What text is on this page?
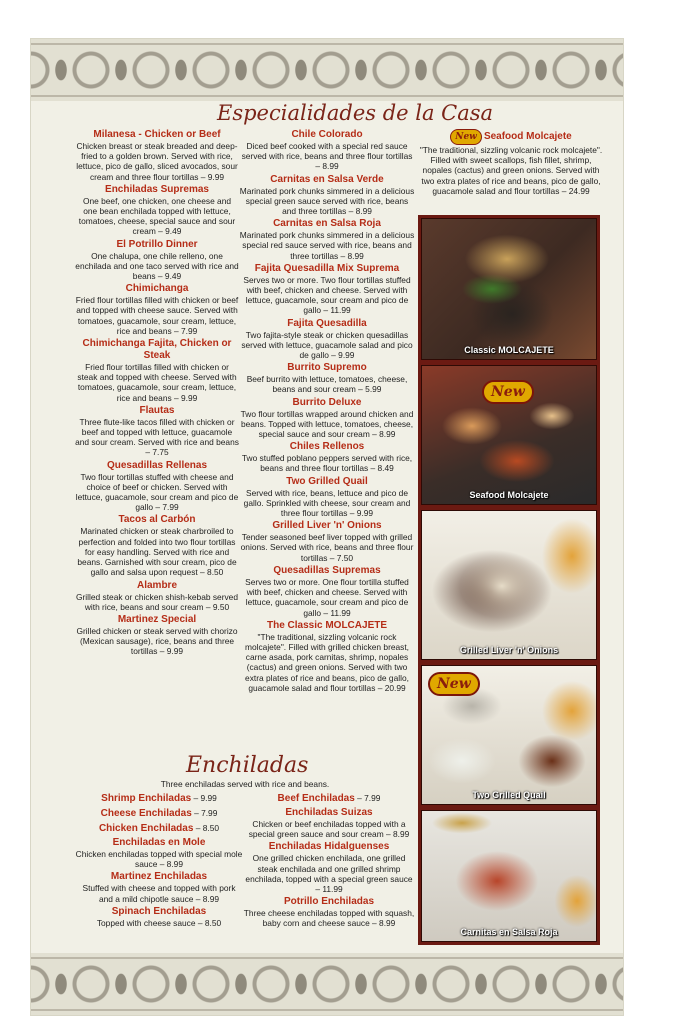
Especialidades de la Casa
Milanesa - Chicken or Beef
Chicken breast or steak breaded and deep-fried to a golden brown. Served with rice, lettuce, pico de gallo, sliced avocados, sour cream and three flour tortillas – 9.99
Enchiladas Supremas
One beef, one chicken, one cheese and one bean enchilada topped with lettuce, tomatoes, cheese, special sauce and sour cream – 9.49
El Potrillo Dinner
One chalupa, one chile relleno, one enchilada and one taco served with rice and beans – 9.49
Chimichanga
Fried flour tortillas filled with chicken or beef and topped with cheese sauce. Served with tomatoes, guacamole, sour cream, lettuce, rice and beans – 7.99
Chimichanga Fajita, Chicken or Steak
Fried flour tortillas filled with chicken or steak and topped with cheese. Served with tomatoes, guacamole, sour cream, lettuce, rice and beans – 9.99
Flautas
Three flute-like tacos filled with chicken or beef and topped with lettuce, guacamole and sour cream. Served with rice and beans – 7.75
Quesadillas Rellenas
Two flour tortillas stuffed with cheese and choice of beef or chicken. Served with lettuce, guacamole, sour cream and pico de gallo – 7.99
Tacos al Carbón
Marinated chicken or steak charbroiled to perfection and folded into two flour tortillas for easy handling. Served with rice and beans. Garnished with sour cream, pico de gallo and salsa upon request – 8.50
Alambre
Grilled steak or chicken shish-kebab served with rice, beans and sour cream – 9.50
Martinez Special
Grilled chicken or steak served with chorizo (Mexican sausage), rice, beans and three tortillas – 9.99
Chile Colorado
Diced beef cooked with a special red sauce served with rice, beans and three flour tortillas – 8.99
Carnitas en Salsa Verde
Marinated pork chunks simmered in a delicious special green sauce served with rice, beans and three tortillas – 8.99
Carnitas en Salsa Roja
Marinated pork chunks simmered in a delicious special red sauce served with rice, beans and three tortillas – 8.99
Fajita Quesadilla Mix Suprema
Serves two or more. Two flour tortillas stuffed with beef, chicken and cheese. Served with lettuce, guacamole, sour cream and pico de gallo – 11.99
Fajita Quesadilla
Two fajita-style steak or chicken quesadillas served with lettuce, guacamole salad and pico de gallo – 9.99
Burrito Supremo
Beef burrito with lettuce, tomatoes, cheese, beans and sour cream – 5.99
Burrito Deluxe
Two flour tortillas wrapped around chicken and beans. Topped with lettuce, tomatoes, cheese, special sauce and sour cream – 8.99
Chiles Rellenos
Two stuffed poblano peppers served with rice, beans and three flour tortillas – 8.49
Two Grilled Quail
Served with rice, beans, lettuce and pico de gallo. Sprinkled with cheese, sour cream and three flour tortillas – 9.99
Grilled Liver 'n' Onions
Tender seasoned beef liver topped with grilled onions. Served with rice, beans and three flour tortillas – 7.50
Quesadillas Supremas
Serves two or more. One flour tortilla stuffed with beef, chicken and cheese. Served with lettuce, guacamole, sour cream and pico de gallo – 11.99
The Classic MOLCAJETE
"The traditional, sizzling volcanic rock molcajete". Filled with grilled chicken breast, carne asada, pork carnitas, shrimp, nopales (cactus) and green onions. Served with two extra plates of rice and beans, pico de gallo, guacamole salad and flour tortillas – 20.99
New Seafood Molcajete
"The traditional, sizzling volcanic rock molcajete". Filled with sweet scallops, fish fillet, shrimp, nopales (cactus) and green onions. Served with two extra plates of rice and beans, pico de gallo, guacamole salad and flour tortillas – 24.99
Classic MOLCAJETE
New
Seafood Molcajete
Grilled Liver 'n' Onions
New
Two Grilled Quail
Carnitas en Salsa Roja
Enchiladas
Three enchiladas served with rice and beans.
Shrimp Enchiladas – 9.99
Cheese Enchiladas – 7.99
Chicken Enchiladas – 8.50
Enchiladas en Mole
Chicken enchiladas topped with special mole sauce – 8.99
Martinez Enchiladas
Stuffed with cheese and topped with pork and a mild chipotle sauce – 8.99
Spinach Enchiladas
Topped with cheese sauce – 8.50
Beef Enchiladas – 7.99
Enchiladas Suizas
Chicken or beef enchiladas topped with a special green sauce and sour cream – 8.99
Enchiladas Hidalguenses
One grilled chicken enchilada, one grilled steak enchilada and one grilled shrimp enchilada, topped with a special green sauce – 11.99
Potrillo Enchiladas
Three cheese enchiladas topped with squash, baby corn and cheese sauce – 8.99
